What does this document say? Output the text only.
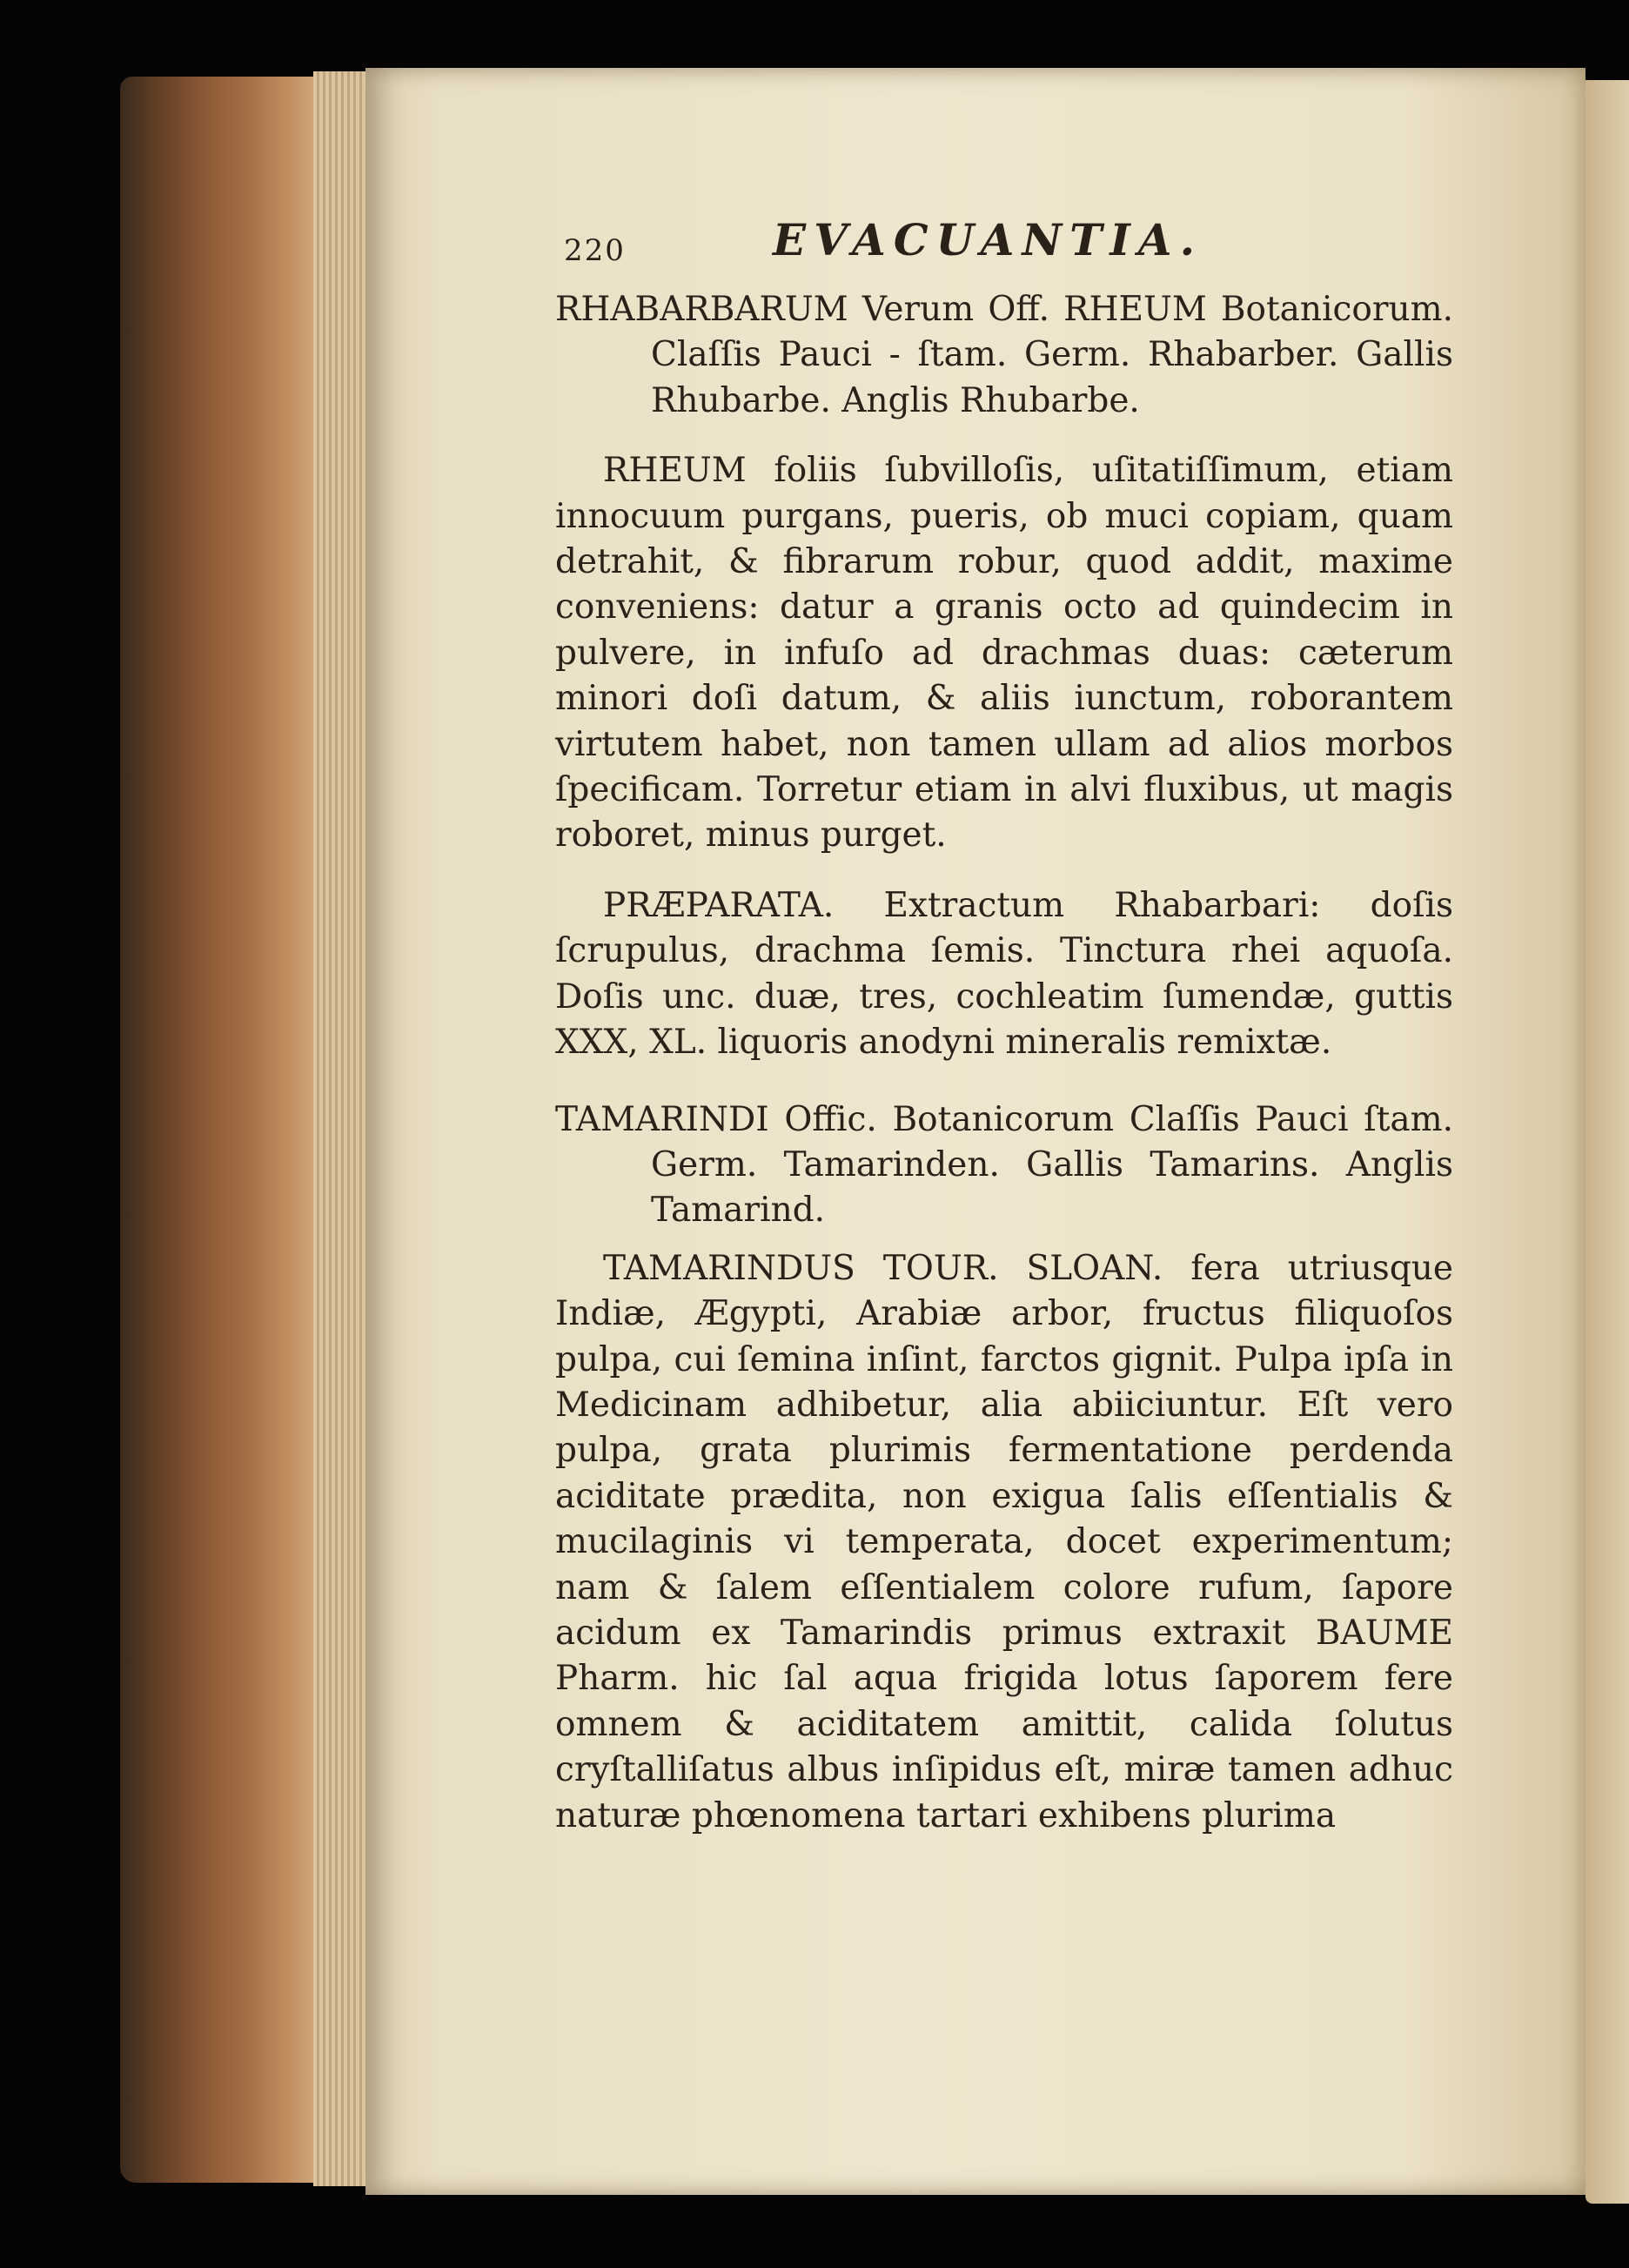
220	EVACUANTIA.

RHABARBARUM Verum Off. RHEUM Botanicorum. Claſſis Pauci - ſtam. Germ. Rhabarber. Gallis Rhubarbe. Anglis Rhubarbe.

RHEUM foliis ſubvilloſis, uſitatiſſimum, etiam innocuum purgans, pueris, ob muci copiam, quam detrahit, & fibrarum robur, quod addit, maxime conveniens: datur a granis octo ad quindecim in pulvere, in infuſo ad drachmas duas: cæterum minori doſi datum, & aliis iunctum, roborantem virtutem habet, non tamen ullam ad alios morbos ſpecificam. Torretur etiam in alvi fluxibus, ut magis roboret, minus purget.

PRÆPARATA. Extractum Rhabarbari: doſis ſcrupulus, drachma ſemis. Tinctura rhei aquoſa. Doſis unc. duæ, tres, cochleatim ſumendæ, guttis XXX, XL. liquoris anodyni mineralis remixtæ.

TAMARINDI Offic. Botanicorum Claſſis Pauci ſtam. Germ. Tamarinden. Gallis Tamarins. Anglis Tamarind.

TAMARINDUS TOUR. SLOAN. fera utriusque Indiæ, Ægypti, Arabiæ arbor, fructus filiquoſos pulpa, cui ſemina inſint, farctos gignit. Pulpa ipſa in Medicinam adhibetur, alia abiiciuntur. Eſt vero pulpa, grata plurimis fermentatione perdenda aciditate prædita, non exigua ſalis eſſentialis & mucilaginis vi temperata, docet experimentum; nam & ſalem eſſentialem colore rufum, ſapore acidum ex Tamarindis primus extraxit BAUME Pharm. hic ſal aqua frigida lotus ſaporem fere omnem & aciditatem amittit, calida ſolutus cryſtalliſatus albus inſipidus eſt, miræ tamen adhuc naturæ phœnomena tartari exhibens plurima
